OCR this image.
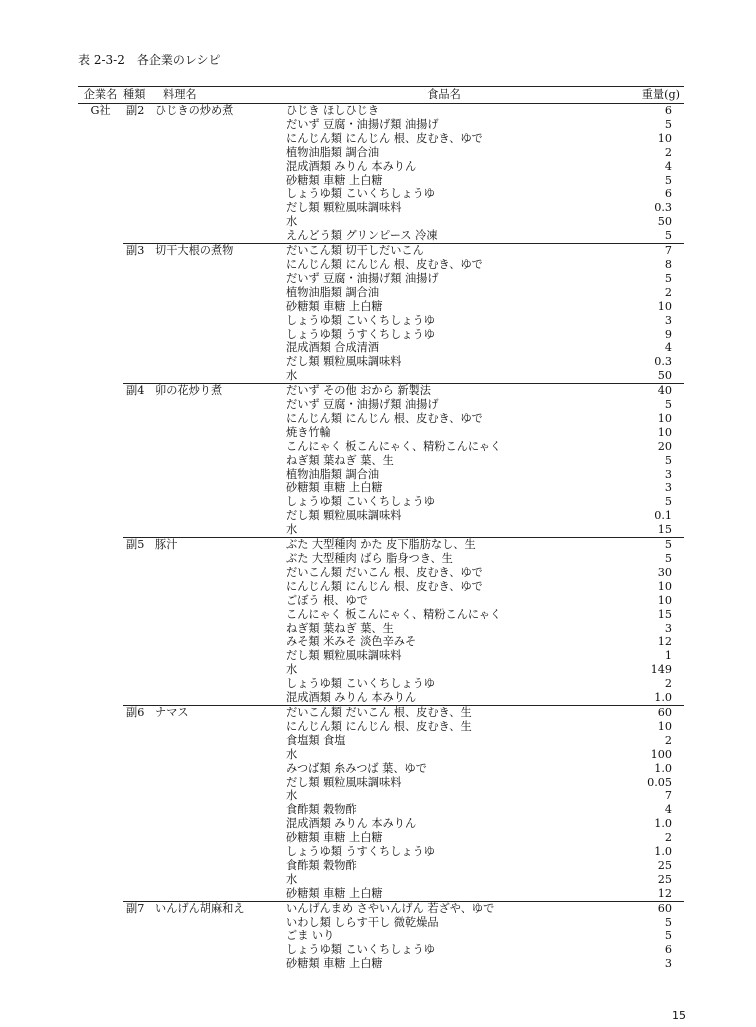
表 2-3-2　各企業のレシピ
企業名	種類	料理名	食品名	重量(g)
G社	副2	ひじきの炒め煮	ひじき ほしひじき	6
			だいず 豆腐・油揚げ類 油揚げ	5
			にんじん類 にんじん 根、皮むき、ゆで	10
			植物油脂類 調合油	2
			混成酒類 みりん 本みりん	4
			砂糖類 車糖 上白糖	5
			しょうゆ類 こいくちしょうゆ	6
			だし類 顆粒風味調味料	0.3
			水	50
			えんどう類 グリンピース 冷凍	5
	副3	切干大根の煮物	だいこん類 切干しだいこん	7
			にんじん類 にんじん 根、皮むき、ゆで	8
			だいず 豆腐・油揚げ類 油揚げ	5
			植物油脂類 調合油	2
			砂糖類 車糖 上白糖	10
			しょうゆ類 こいくちしょうゆ	3
			しょうゆ類 うすくちしょうゆ	9
			混成酒類 合成清酒	4
			だし類 顆粒風味調味料	0.3
			水	50
	副4	卯の花炒り煮	だいず その他 おから 新製法	40
			だいず 豆腐・油揚げ類 油揚げ	5
			にんじん類 にんじん 根、皮むき、ゆで	10
			焼き竹輪	10
			こんにゃく 板こんにゃく、精粉こんにゃく	20
			ねぎ類 葉ねぎ 葉、生	5
			植物油脂類 調合油	3
			砂糖類 車糖 上白糖	3
			しょうゆ類 こいくちしょうゆ	5
			だし類 顆粒風味調味料	0.1
			水	15
	副5	豚汁	ぶた 大型種肉 かた 皮下脂肪なし、生	5
			ぶた 大型種肉 ばら 脂身つき、生	5
			だいこん類 だいこん 根、皮むき、ゆで	30
			にんじん類 にんじん 根、皮むき、ゆで	10
			ごぼう 根、ゆで	10
			こんにゃく 板こんにゃく、精粉こんにゃく	15
			ねぎ類 葉ねぎ 葉、生	3
			みそ類 米みそ 淡色辛みそ	12
			だし類 顆粒風味調味料	1
			水	149
			しょうゆ類 こいくちしょうゆ	2
			混成酒類 みりん 本みりん	1.0
	副6	ナマス	だいこん類 だいこん 根、皮むき、生	60
			にんじん類 にんじん 根、皮むき、生	10
			食塩類 食塩	2
			水	100
			みつば類 糸みつば 葉、ゆで	1.0
			だし類 顆粒風味調味料	0.05
			水	7
			食酢類 穀物酢	4
			混成酒類 みりん 本みりん	1.0
			砂糖類 車糖 上白糖	2
			しょうゆ類 うすくちしょうゆ	1.0
			食酢類 穀物酢	25
			水	25
			砂糖類 車糖 上白糖	12
	副7	いんげん胡麻和え	いんげんまめ さやいんげん 若ざや、ゆで	60
			いわし類 しらす干し 微乾燥品	5
			ごま いり	5
			しょうゆ類 こいくちしょうゆ	6
			砂糖類 車糖 上白糖	3
15
